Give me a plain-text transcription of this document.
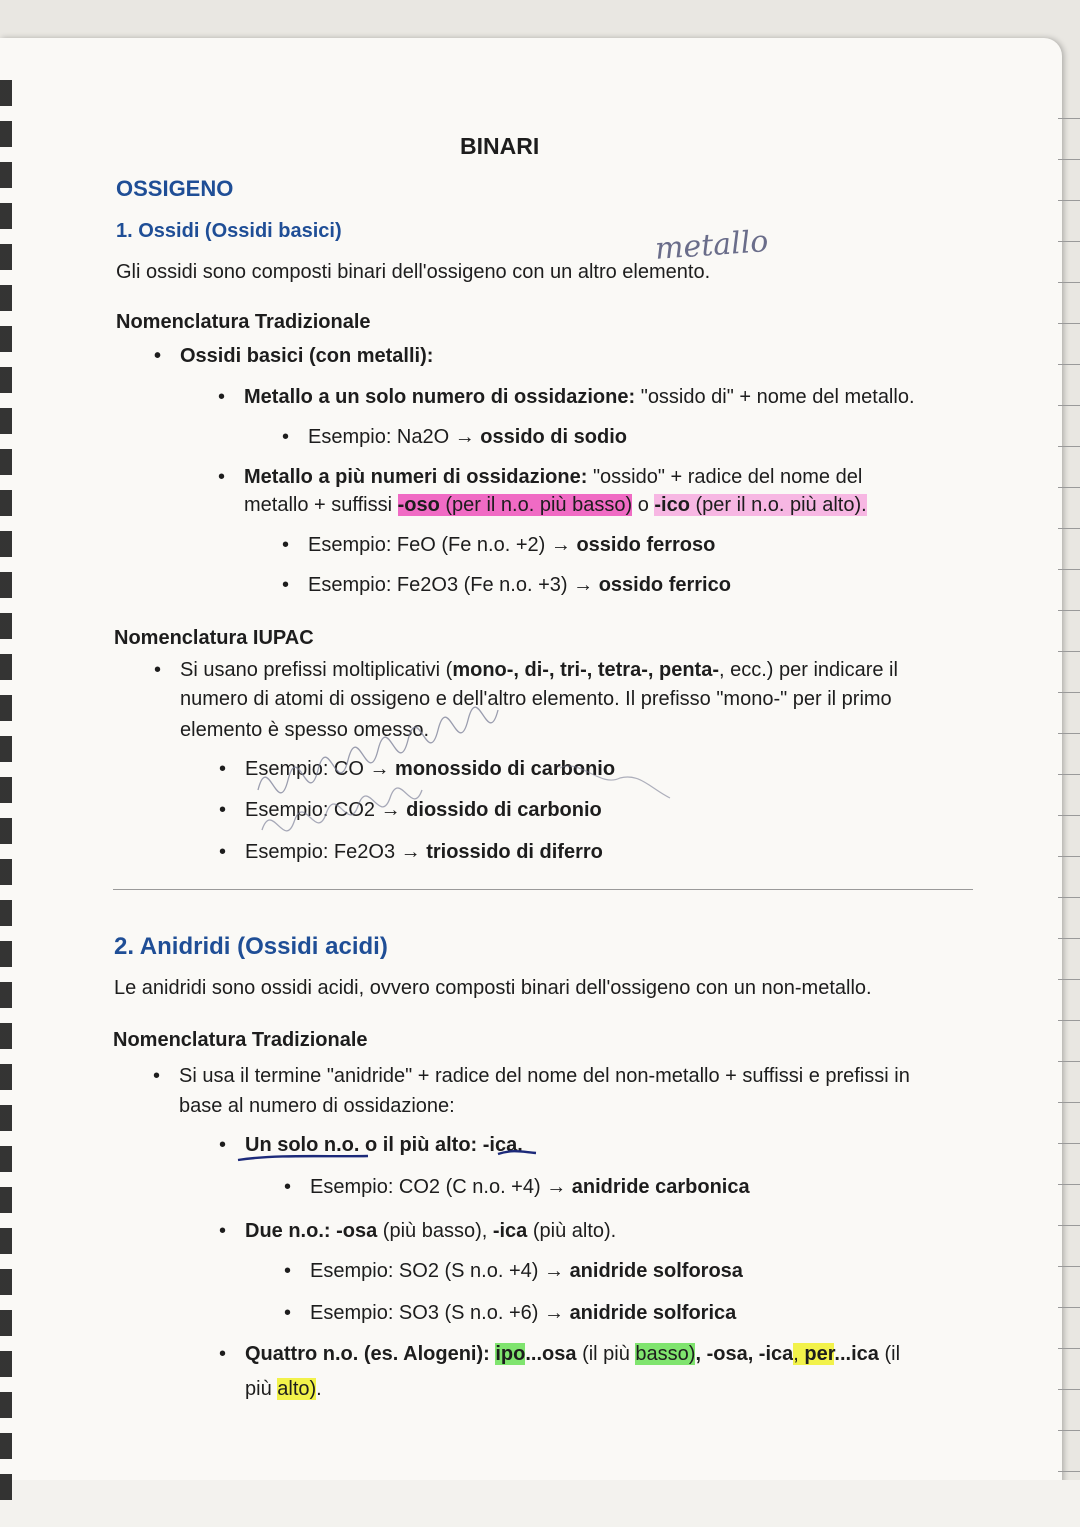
BINARI
OSSIGENO
1. Ossidi (Ossidi basici)	metallo
Gli ossidi sono composti binari dell'ossigeno con un altro elemento.
Nomenclatura Tradizionale
• Ossidi basici (con metalli):
• Metallo a un solo numero di ossidazione: "ossido di" + nome del metallo.
• Esempio: Na2O → ossido di sodio
• Metallo a più numeri di ossidazione: "ossido" + radice del nome del
metallo + suffissi -oso (per il n.o. più basso) o -ico (per il n.o. più alto).
• Esempio: FeO (Fe n.o. +2) → ossido ferroso
• Esempio: Fe2O3 (Fe n.o. +3) → ossido ferrico
Nomenclatura IUPAC
• Si usano prefissi moltiplicativi (mono-, di-, tri-, tetra-, penta-, ecc.) per indicare il
numero di atomi di ossigeno e dell'altro elemento. Il prefisso "mono-" per il primo
elemento è spesso omesso.
• Esempio: CO → monossido di carbonio
• Esempio: CO2 → diossido di carbonio
• Esempio: Fe2O3 → triossido di diferro
2. Anidridi (Ossidi acidi)
Le anidridi sono ossidi acidi, ovvero composti binari dell'ossigeno con un non-metallo.
Nomenclatura Tradizionale
• Si usa il termine "anidride" + radice del nome del non-metallo + suffissi e prefissi in
base al numero di ossidazione:
• Un solo n.o. o il più alto: -ica.
• Esempio: CO2 (C n.o. +4) → anidride carbonica
• Due n.o.: -osa (più basso), -ica (più alto).
• Esempio: SO2 (S n.o. +4) → anidride solforosa
• Esempio: SO3 (S n.o. +6) → anidride solforica
• Quattro n.o. (es. Alogeni): ipo...osa (il più basso), -osa, -ica, per...ica (il
più alto).
